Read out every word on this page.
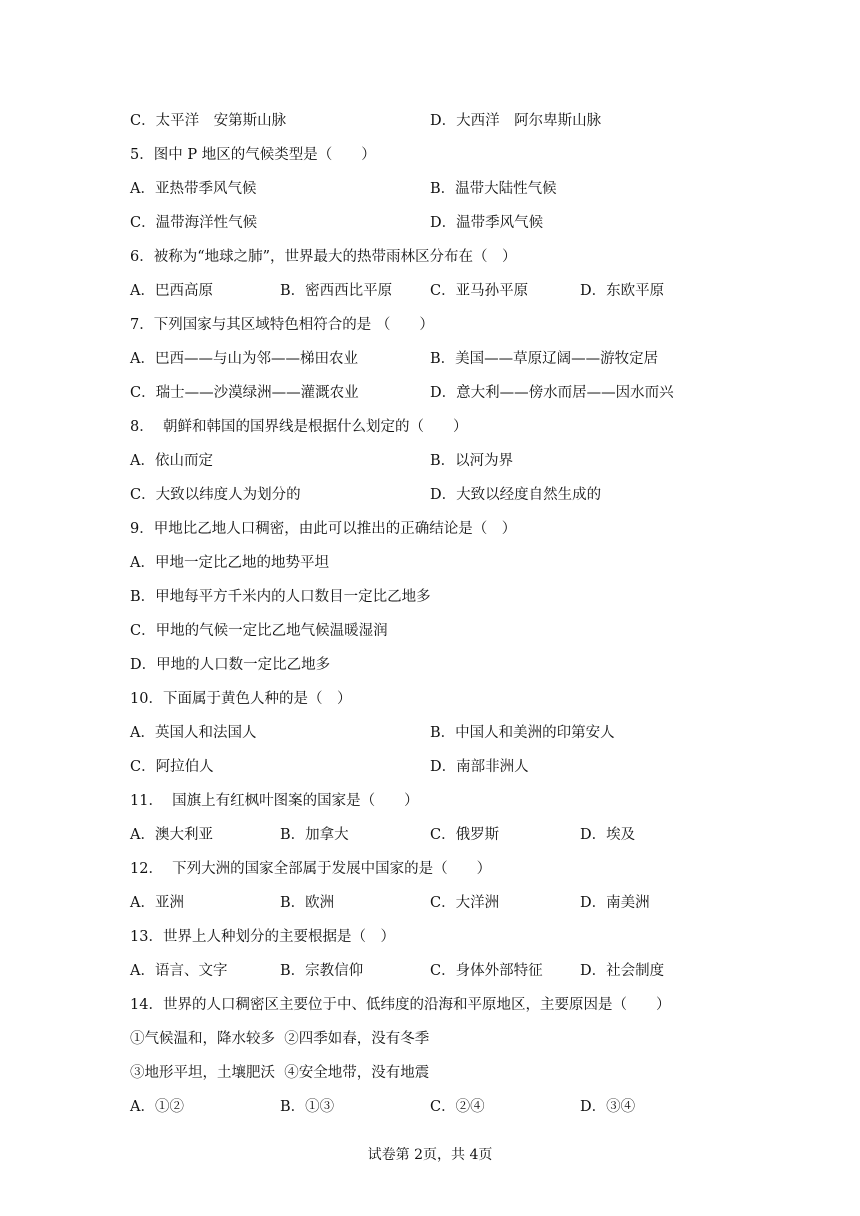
C．太平洋　安第斯山脉	D．大西洋　阿尔卑斯山脉
5．图中 P 地区的气候类型是（　　）
A．亚热带季风气候	B．温带大陆性气候
C．温带海洋性气候	D．温带季风气候
6．被称为“地球之肺”，世界最大的热带雨林区分布在（　）
A．巴西高原	B．密西西比平原	C．亚马孙平原	D．东欧平原
7．下列国家与其区域特色相符合的是 （　　）
A．巴西——与山为邻——梯田农业	B．美国——草原辽阔——游牧定居
C．瑞士——沙漠绿洲——灌溉农业	D．意大利——傍水而居——因水而兴
8．  朝鲜和韩国的国界线是根据什么划定的（　　）
A．依山而定	B．以河为界
C．大致以纬度人为划分的	D．大致以经度自然生成的
9．甲地比乙地人口稠密，由此可以推出的正确结论是（　）
A．甲地一定比乙地的地势平坦
B．甲地每平方千米内的人口数目一定比乙地多
C．甲地的气候一定比乙地气候温暖湿润
D．甲地的人口数一定比乙地多
10．下面属于黄色人种的是（　）
A．英国人和法国人	B．中国人和美洲的印第安人
C．阿拉伯人	D．南部非洲人
11．  国旗上有红枫叶图案的国家是（　　）
A．澳大利亚	B．加拿大	C．俄罗斯	D．埃及
12．  下列大洲的国家全部属于发展中国家的是（　　）
A．亚洲	B．欧洲	C．大洋洲	D．南美洲
13．世界上人种划分的主要根据是（　）
A．语言、文字	B．宗教信仰	C．身体外部特征	D．社会制度
14．世界的人口稠密区主要位于中、低纬度的沿海和平原地区，主要原因是（　　）
①气候温和，降水较多  ②四季如春，没有冬季
③地形平坦，土壤肥沃  ④安全地带，没有地震
A．①②	B．①③	C．②④	D．③④
试卷第 2页，共 4页
